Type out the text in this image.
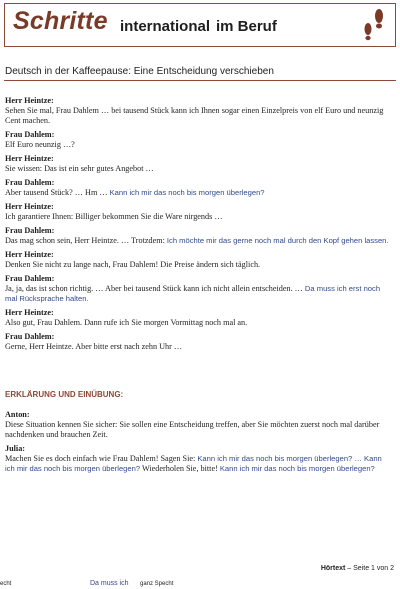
Schritte international im Beruf
Deutsch in der Kaffeepause: Eine Entscheidung verschieben
Herr Heintze:
Sehen Sie mal, Frau Dahlem … bei tausend Stück kann ich Ihnen sogar einen Einzelpreis von elf Euro und neunzig Cent machen.
Frau Dahlem:
Elf Euro neunzig …?
Herr Heintze:
Sie wissen: Das ist ein sehr gutes Angebot …
Frau Dahlem:
Aber tausend Stück? … Hm … Kann ich mir das noch bis morgen überlegen?
Herr Heintze:
Ich garantiere Ihnen: Billiger bekommen Sie die Ware nirgends …
Frau Dahlem:
Das mag schon sein, Herr Heintze. … Trotzdem: Ich möchte mir das gerne noch mal durch den Kopf gehen lassen.
Herr Heintze:
Denken Sie nicht zu lange nach, Frau Dahlem! Die Preise ändern sich täglich.
Frau Dahlem:
Ja, ja, das ist schon richtig. … Aber bei tausend Stück kann ich nicht allein entscheiden. … Da muss ich erst noch mal Rücksprache halten.
Herr Heintze:
Also gut, Frau Dahlem. Dann rufe ich Sie morgen Vormittag noch mal an.
Frau Dahlem:
Gerne, Herr Heintze. Aber bitte erst nach zehn Uhr …
ERKLÄRUNG UND EINÜBUNG:
Anton:
Diese Situation kennen Sie sicher: Sie sollen eine Entscheidung treffen, aber Sie möchten zuerst noch mal darüber nachdenken und brauchen Zeit.
Julia:
Machen Sie es doch einfach wie Frau Dahlem! Sagen Sie: Kann ich mir das noch bis morgen überlegen? … Kann ich mir das noch bis morgen überlegen? Wiederholen Sie, bitte! Kann ich mir das noch bis morgen überlegen?
Hörtext – Seite 1 von 2
echt	Da muss ich ganz Specht
